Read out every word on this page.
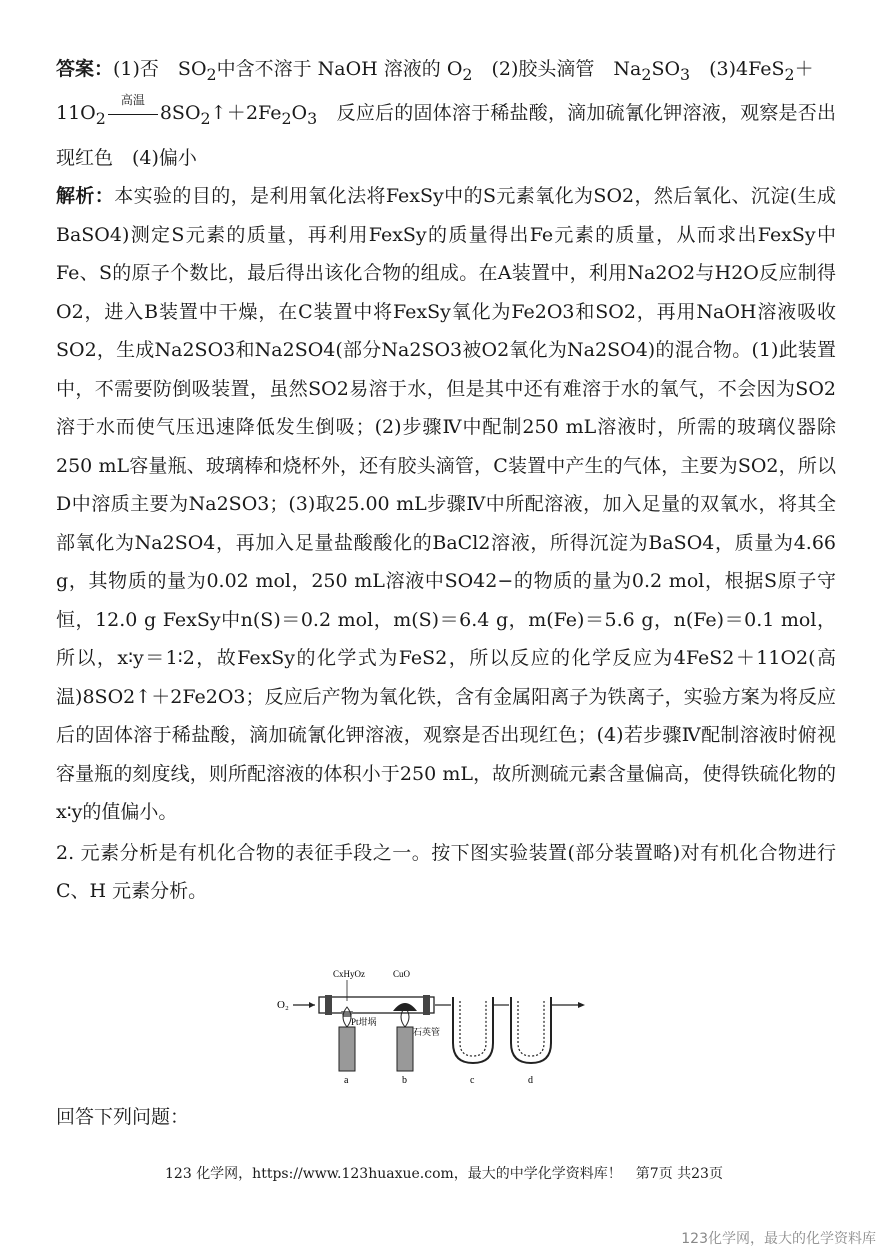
答案：(1)否　$SO_2$中含不溶于 NaOH 溶液的 $O_2$　(2)胶头滴管　$Na_2SO_3$　(3)4FeS$_2$＋
$11O_2$
高温
$8SO_2↑+2Fe_2O_3$　反应后的固体溶于稀盐酸，滴加硫氰化钾溶液，观察是否出现红色　(4)偏小

解析：本实验的目的，是利用氧化法将FexSy中的S元素氧化为SO2，然后氧化、沉淀(生成BaSO4)测定S元素的质量，再利用FexSy的质量得出Fe元素的质量，从而求出FexSy中Fe、S的原子个数比，最后得出该化合物的组成。在A装置中，利用Na2O2与H2O反应制得O2，进入B装置中干燥，在C装置中将FexSy氧化为Fe2O3和SO2，再用NaOH溶液吸收SO2，生成Na2SO3和Na2SO4(部分Na2SO3被O2氧化为Na2SO4)的混合物。(1)此装置中，不需要防倒吸装置，虽然SO2易溶于水，但是其中还有难溶于水的氧气，不会因为SO2溶于水而使气压迅速降低发生倒吸；(2)步骤Ⅳ中配制250 mL溶液时，所需的玻璃仪器除250 mL容量瓶、玻璃棒和烧杯外，还有胶头滴管，C装置中产生的气体，主要为SO2，所以D中溶质主要为Na2SO3；(3)取25.00 mL步骤Ⅳ中所配溶液，加入足量的双氧水，将其全部氧化为Na2SO4，再加入足量盐酸酸化的BaCl2溶液，所得沉淀为BaSO4，质量为4.66 g，其物质的量为0.02 mol，250 mL溶液中SO42−的物质的量为0.2 mol，根据S原子守恒，12.0 g FexSy中n(S)＝0.2 mol，m(S)＝6.4 g，m(Fe)＝5.6 g，n(Fe)＝0.1 mol，所以，x∶y＝1∶2，故FexSy的化学式为FeS2，所以反应的化学反应为4FeS2＋11O2(高温)8SO2↑＋2Fe2O3；反应后产物为氧化铁，含有金属阳离子为铁离子，实验方案为将反应后的固体溶于稀盐酸，滴加硫氰化钾溶液，观察是否出现红色；(4)若步骤Ⅳ配制溶液时俯视容量瓶的刻度线，则所配溶液的体积小于250 mL，故所测硫元素含量偏高，使得铁硫化物的x∶y的值偏小。

2. 元素分析是有机化合物的表征手段之一。按下图实验装置(部分装置略)对有机化合物进行 C、H 元素分析。

O₂
CxHyOz	CuO
Pt坩埚
石英管
a	b	c	d
回答下列问题：
123 化学网，https://www.123huaxue.com，最大的中学化学资料库！　第7页 共23页
123化学网，最大的化学资料库
